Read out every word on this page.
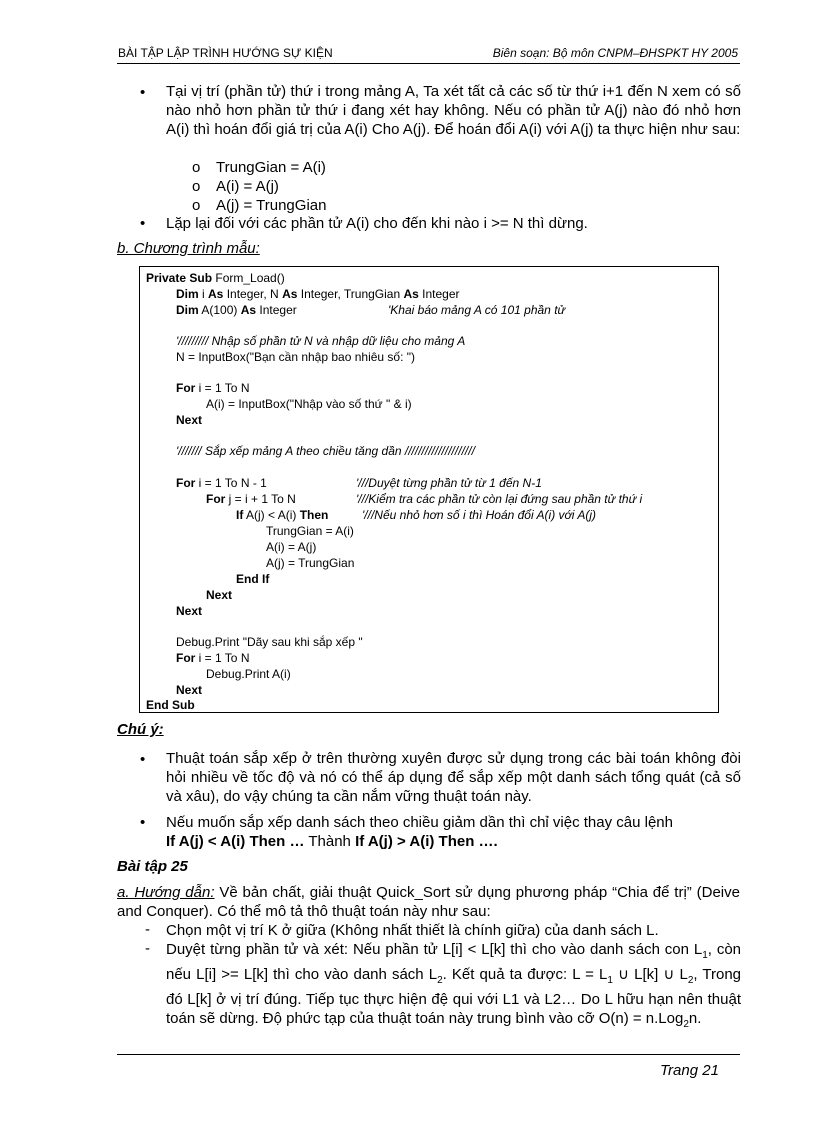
BÀI TẬP LẬP TRÌNH HƯỚNG SỰ KIỆN	Biên soạn: Bộ môn CNPM–ĐHSPKT HY 2005
• Tại vị trí (phần tử) thứ i trong mảng A, Ta xét tất cả các số từ thứ i+1 đến N xem có số nào nhỏ hơn phần tử thứ i đang xét hay không. Nếu có phần tử A(j) nào đó nhỏ hơn A(i) thì hoán đổi giá trị của A(i) Cho A(j). Để hoán đổi A(i) với A(j) ta thực hiện như sau:
o TrungGian = A(i)
o A(i) = A(j)
o A(j) = TrungGian
• Lặp lại đối với các phần tử A(i) cho đến khi nào i >= N thì dừng.
b. Chương trình mẫu:
Private Sub Form_Load()
Dim i As Integer, N As Integer, TrungGian As Integer
Dim A(100) As Integer	'Khai báo mảng A có 101 phần tử
'///////// Nhập số phần tử N và nhập dữ liệu cho mảng A
N = InputBox("Bạn cần nhập bao nhiêu số: ")
For i = 1 To N
A(i) = InputBox("Nhập vào số thứ " & i)
Next
'/////// Sắp xếp mảng A theo chiều tăng dần /////////////////////
For i = 1 To N - 1	'///Duyệt từng phần tử từ 1 đến N-1
For j = i + 1 To N	'///Kiểm tra các phần tử còn lại đứng sau phần tử thứ i
If A(j) < A(i) Then	'///Nếu nhỏ hơn số i thì Hoán đổi A(i) với A(j)
TrungGian = A(i)
A(i) = A(j)
A(j) = TrungGian
End If
Next
Next
Debug.Print "Dãy sau khi sắp xếp "
For i = 1 To N
Debug.Print A(i)
Next
End Sub
Chú ý:
• Thuật toán sắp xếp ở trên thường xuyên được sử dụng trong các bài toán không đòi hỏi nhiều về tốc độ và nó có thể áp dụng để sắp xếp một danh sách tổng quát (cả số và xâu), do vậy chúng ta cần nắm vững thuật toán này.
• Nếu muốn sắp xếp danh sách theo chiều giảm dần thì chỉ việc thay câu lệnh
If A(j) < A(i) Then … Thành If A(j) > A(i) Then ….
Bài tập 25
a. Hướng dẫn: Về bản chất, giải thuật Quick_Sort sử dụng phương pháp “Chia để trị” (Deive and Conquer). Có thể mô tả thô thuật toán này như sau:
- Chọn một vị trí K ở giữa (Không nhất thiết là chính giữa) của danh sách L.
- Duyệt từng phần tử và xét: Nếu phần tử L[i] < L[k] thì cho vào danh sách con $L_1$, còn nếu L[i] >= L[k] thì cho vào danh sách $L_2$. Kết quả ta được: $L = L_1$ ∪ L[k] ∪ $L_2$, Trong đó L[k] ở vị trí đúng. Tiếp tục thực hiện đệ qui với L1 và L2… Do L hữu hạn nên thuật toán sẽ dừng. Độ phức tạp của thuật toán này trung bình vào cỡ O(n) = n.Log$_2$n.
Trang 21
